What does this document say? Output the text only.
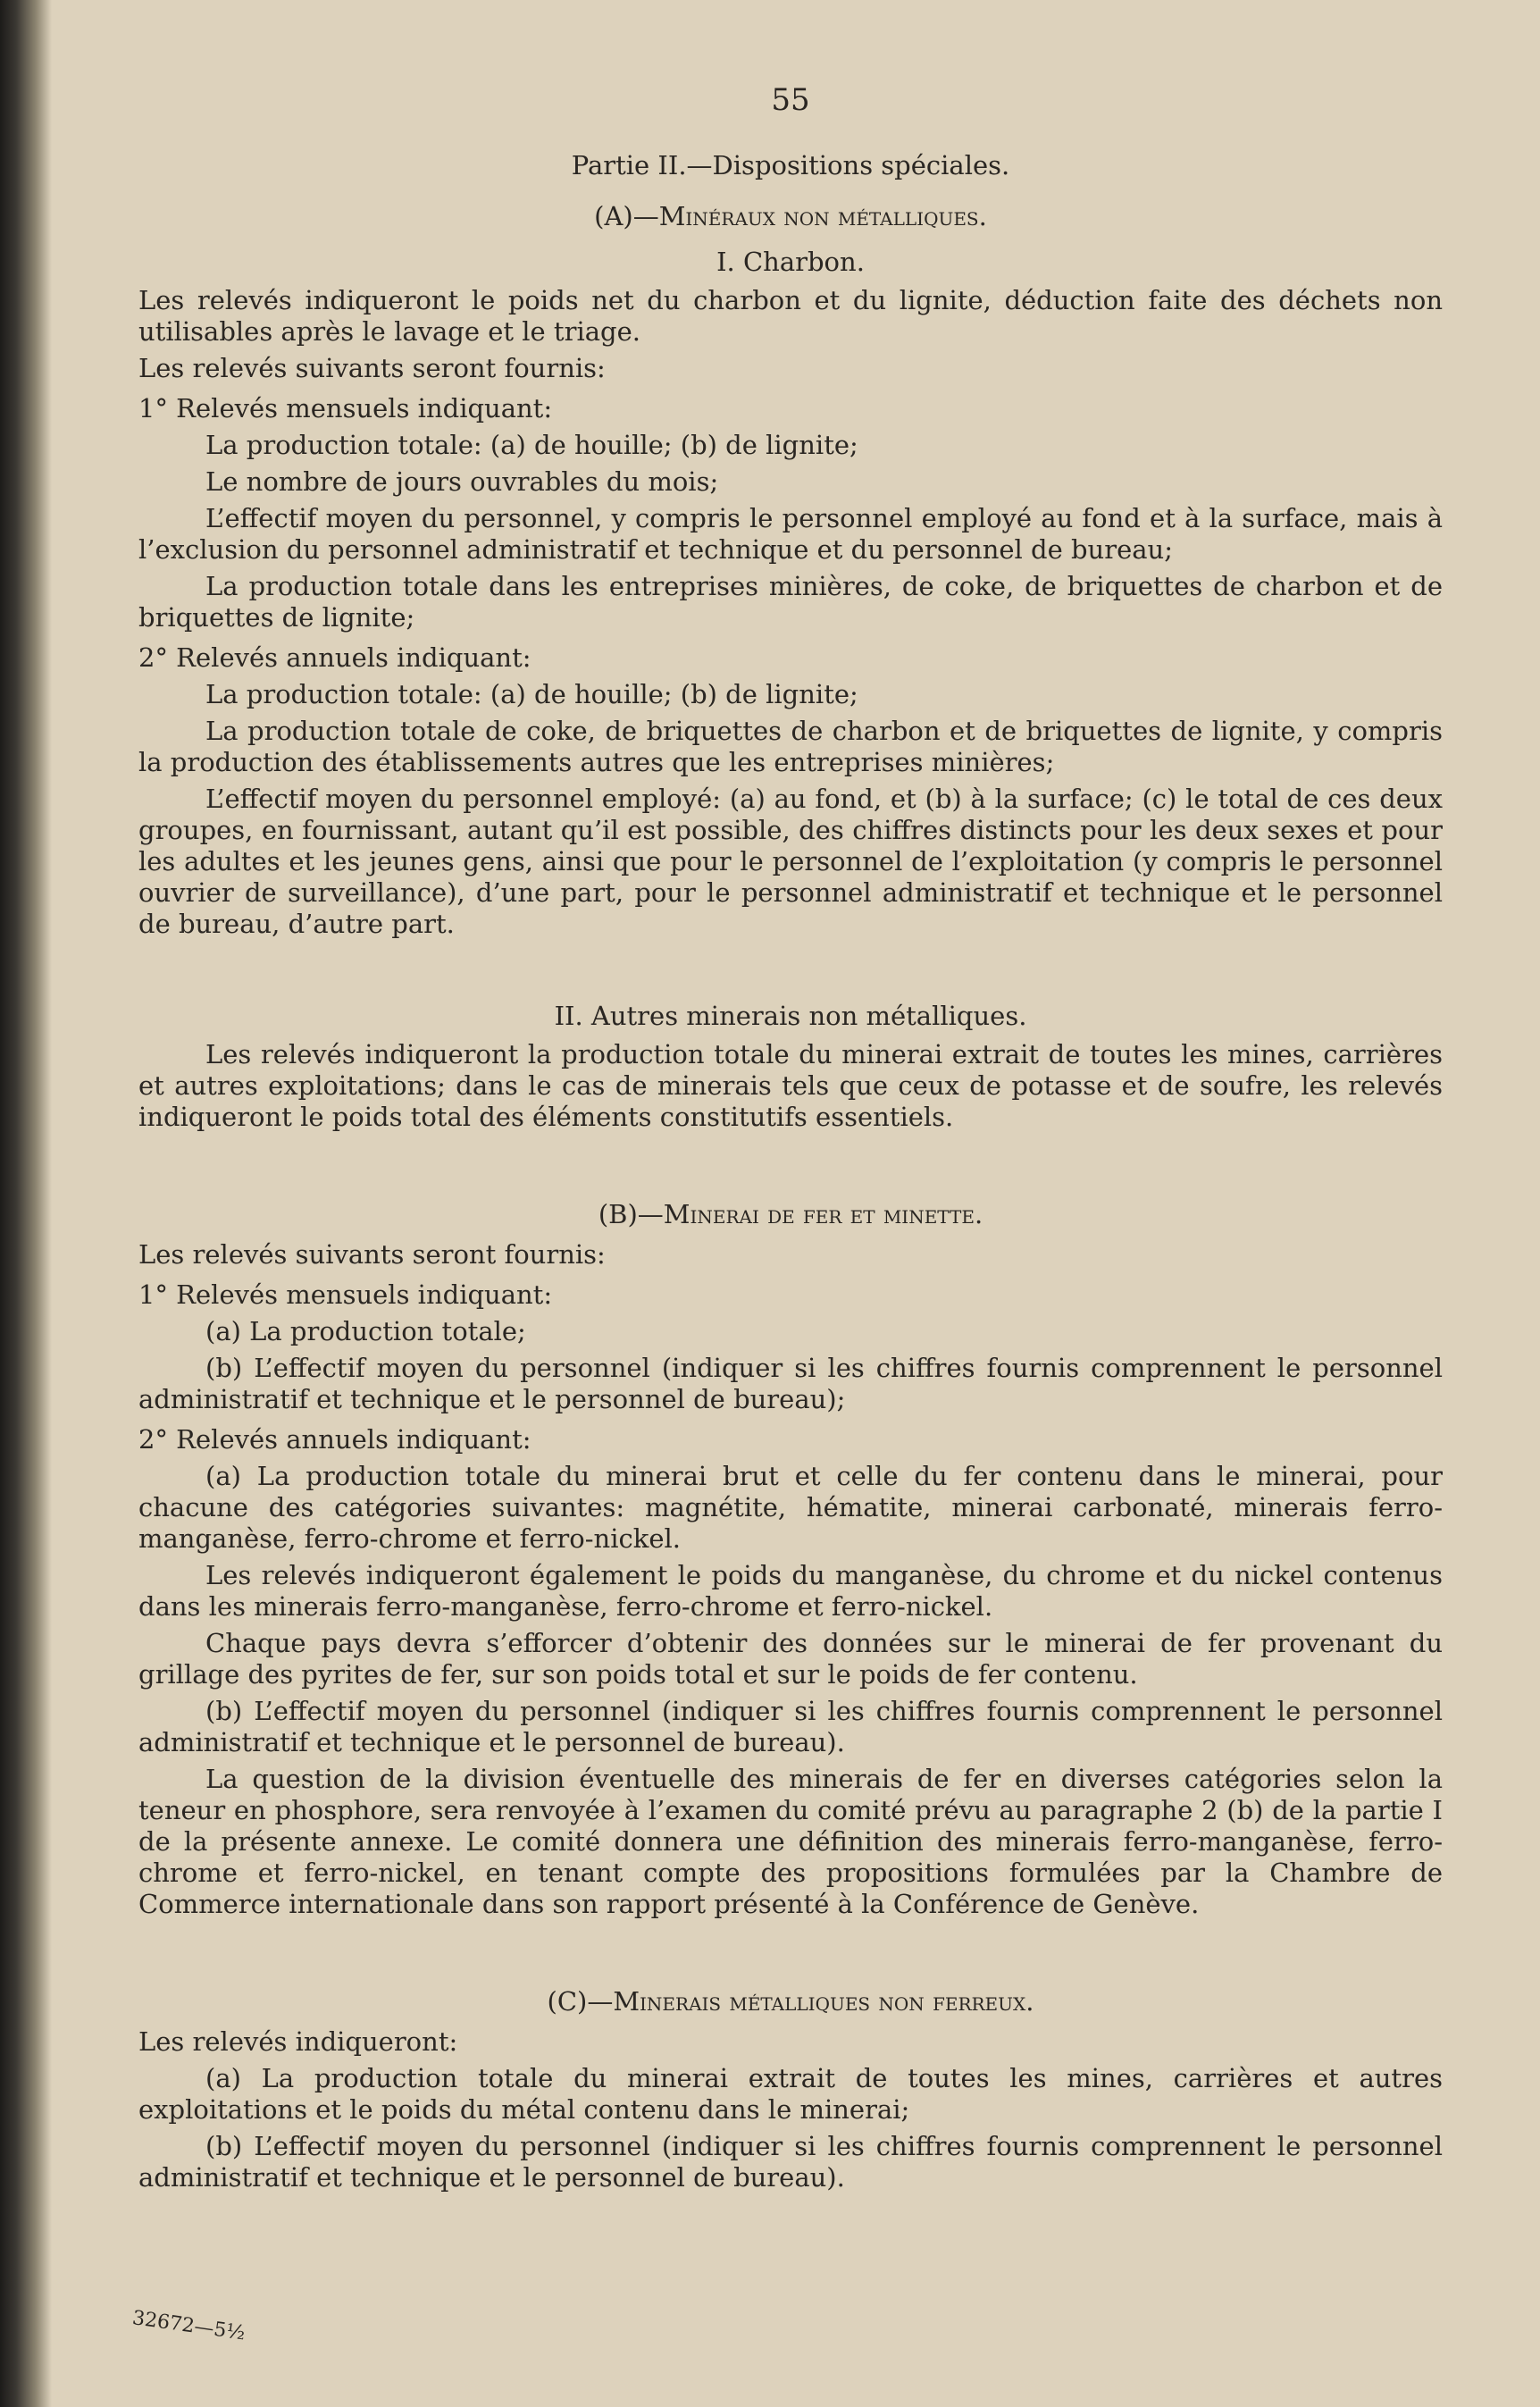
55
Partie II.—Dispositions spéciales.
(A)—Minéraux non métalliques.
I. Charbon.

Les relevés indiqueront le poids net du charbon et du lignite, déduction faite des déchets non utilisables après le lavage et le triage.

Les relevés suivants seront fournis:

1° Relevés mensuels indiquant:

La production totale: (a) de houille; (b) de lignite;

Le nombre de jours ouvrables du mois;

L’effectif moyen du personnel, y compris le personnel employé au fond et à la surface, mais à l’exclusion du personnel administratif et technique et du personnel de bureau;

La production totale dans les entreprises minières, de coke, de briquettes de charbon et de briquettes de lignite;

2° Relevés annuels indiquant:

La production totale: (a) de houille; (b) de lignite;

La production totale de coke, de briquettes de charbon et de briquettes de lignite, y compris la production des établissements autres que les entreprises minières;

L’effectif moyen du personnel employé: (a) au fond, et (b) à la surface; (c) le total de ces deux groupes, en fournissant, autant qu’il est possible, des chiffres distincts pour les deux sexes et pour les adultes et les jeunes gens, ainsi que pour le personnel de l’exploitation (y compris le personnel ouvrier de surveillance), d’une part, pour le personnel administratif et technique et le personnel de bureau, d’autre part.

II. Autres minerais non métalliques.

Les relevés indiqueront la production totale du minerai extrait de toutes les mines, carrières et autres exploitations; dans le cas de minerais tels que ceux de potasse et de soufre, les relevés indiqueront le poids total des éléments constitutifs essentiels.

(B)—Minerai de fer et minette.

Les relevés suivants seront fournis:

1° Relevés mensuels indiquant:

(a) La production totale;

(b) L’effectif moyen du personnel (indiquer si les chiffres fournis comprennent le personnel administratif et technique et le personnel de bureau);

2° Relevés annuels indiquant:

(a) La production totale du minerai brut et celle du fer contenu dans le minerai, pour chacune des catégories suivantes: magnétite, hématite, minerai carbonaté, minerais ferro-manganèse, ferro-chrome et ferro-nickel.

Les relevés indiqueront également le poids du manganèse, du chrome et du nickel contenus dans les minerais ferro-manganèse, ferro-chrome et ferro-nickel.

Chaque pays devra s’efforcer d’obtenir des données sur le minerai de fer provenant du grillage des pyrites de fer, sur son poids total et sur le poids de fer contenu.

(b) L’effectif moyen du personnel (indiquer si les chiffres fournis comprennent le personnel administratif et technique et le personnel de bureau).

La question de la division éventuelle des minerais de fer en diverses catégories selon la teneur en phosphore, sera renvoyée à l’examen du comité prévu au paragraphe 2 (b) de la partie I de la présente annexe. Le comité donnera une définition des minerais ferro-manganèse, ferro-chrome et ferro-nickel, en tenant compte des propositions formulées par la Chambre de Commerce internationale dans son rapport présenté à la Conférence de Genève.

(C)—Minerais métalliques non ferreux.

Les relevés indiqueront:

(a) La production totale du minerai extrait de toutes les mines, carrières et autres exploitations et le poids du métal contenu dans le minerai;

(b) L’effectif moyen du personnel (indiquer si les chiffres fournis comprennent le personnel administratif et technique et le personnel de bureau).

32672—5½
